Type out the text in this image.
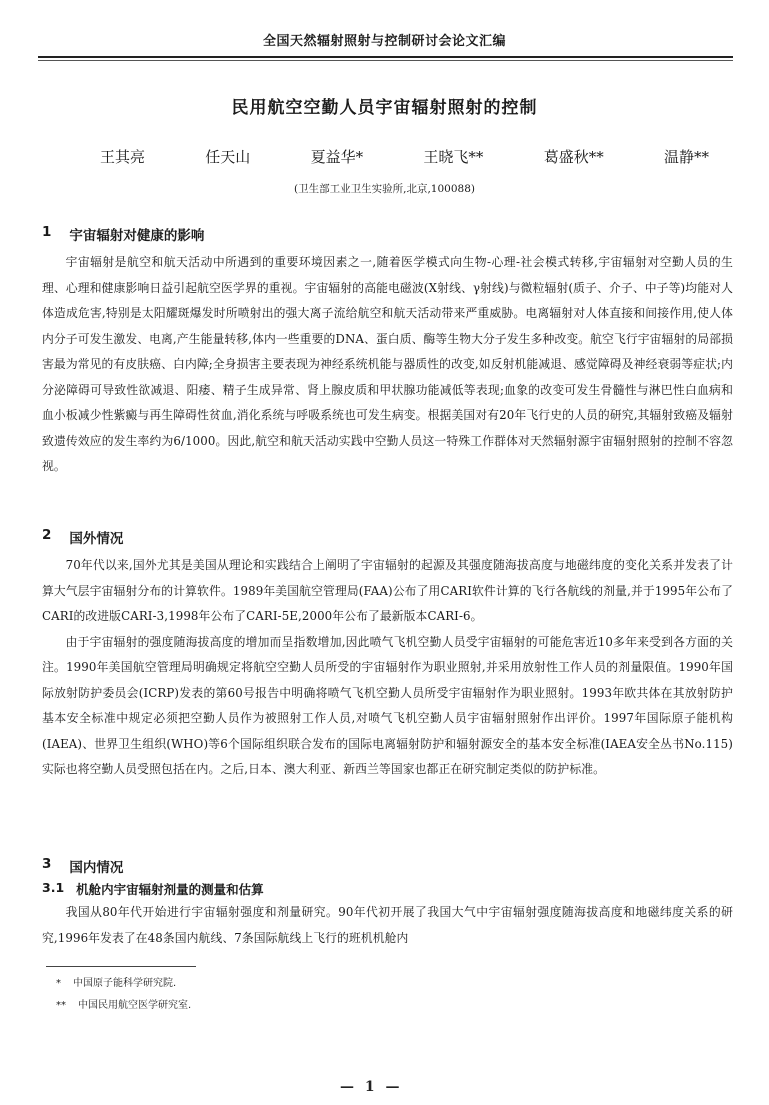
全国天然辐射照射与控制研讨会论文汇编
民用航空空勤人员宇宙辐射照射的控制
王其亮	任天山	夏益华*	王晓飞**	葛盛秋**	温静**
(卫生部工业卫生实验所,北京,100088)
1 宇宙辐射对健康的影响

宇宙辐射是航空和航天活动中所遇到的重要环境因素之一,随着医学模式向生物-心理-社会模式转移,宇宙辐射对空勤人员的生理、心理和健康影响日益引起航空医学界的重视。宇宙辐射的高能电磁波(X射线、γ射线)与微粒辐射(质子、介子、中子等)均能对人体造成危害,特别是太阳耀斑爆发时所喷射出的强大离子流给航空和航天活动带来严重威胁。电离辐射对人体直接和间接作用,使人体内分子可发生激发、电离,产生能量转移,体内一些重要的DNA、蛋白质、酶等生物大分子发生多种改变。航空飞行宇宙辐射的局部损害最为常见的有皮肤癌、白内障;全身损害主要表现为神经系统机能与器质性的改变,如反射机能减退、感觉障碍及神经衰弱等症状;内分泌障碍可导致性欲减退、阳痿、精子生成异常、肾上腺皮质和甲状腺功能减低等表现;血象的改变可发生骨髓性与淋巴性白血病和血小板减少性紫癜与再生障碍性贫血,消化系统与呼吸系统也可发生病变。根据美国对有20年飞行史的人员的研究,其辐射致癌及辐射致遗传效应的发生率约为6/1000。因此,航空和航天活动实践中空勤人员这一特殊工作群体对天然辐射源宇宙辐射照射的控制不容忽视。

2 国外情况

70年代以来,国外尤其是美国从理论和实践结合上阐明了宇宙辐射的起源及其强度随海拔高度与地磁纬度的变化关系并发表了计算大气层宇宙辐射分布的计算软件。1989年美国航空管理局(FAA)公布了用CARI软件计算的飞行各航线的剂量,并于1995年公布了CARI的改进版CARI-3,1998年公布了CARI-5E,2000年公布了最新版本CARI-6。

由于宇宙辐射的强度随海拔高度的增加而呈指数增加,因此喷气飞机空勤人员受宇宙辐射的可能危害近10多年来受到各方面的关注。1990年美国航空管理局明确规定将航空空勤人员所受的宇宙辐射作为职业照射,并采用放射性工作人员的剂量限值。1990年国际放射防护委员会(ICRP)发表的第60号报告中明确将喷气飞机空勤人员所受宇宙辐射作为职业照射。1993年欧共体在其放射防护基本安全标准中规定必须把空勤人员作为被照射工作人员,对喷气飞机空勤人员宇宙辐射照射作出评价。1997年国际原子能机构(IAEA)、世界卫生组织(WHO)等6个国际组织联合发布的国际电离辐射防护和辐射源安全的基本安全标准(IAEA安全丛书No.115)实际也将空勤人员受照包括在内。之后,日本、澳大利亚、新西兰等国家也都正在研究制定类似的防护标准。

3 国内情况
3.1 机舱内宇宙辐射剂量的测量和估算

我国从80年代开始进行宇宙辐射强度和剂量研究。90年代初开展了我国大气中宇宙辐射强度随海拔高度和地磁纬度关系的研究,1996年发表了在48条国内航线、7条国际航线上飞行的班机机舱内

* 中国原子能科学研究院.
** 中国民用航空医学研究室.
— 1 —
